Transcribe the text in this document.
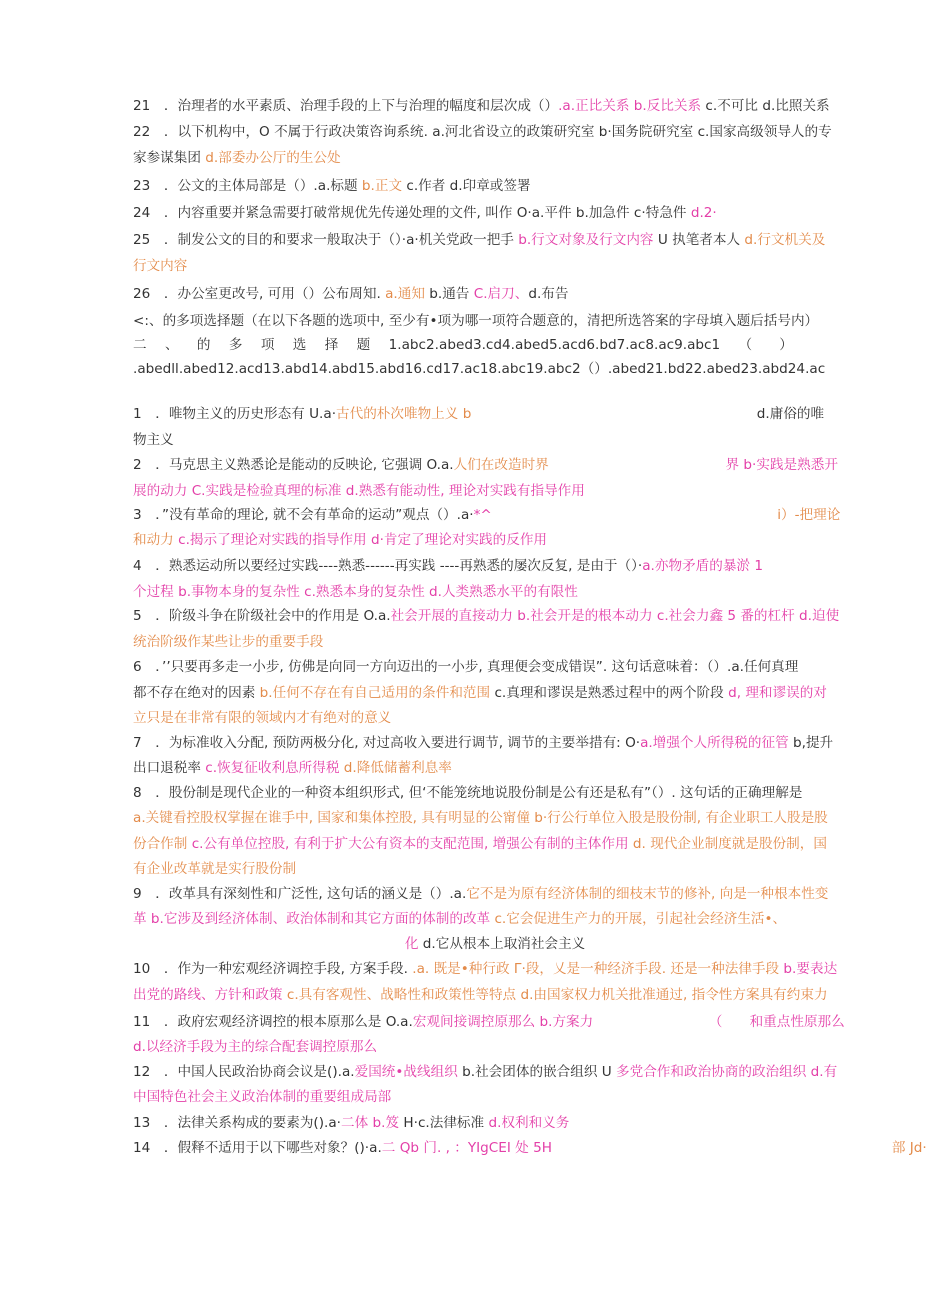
21　．治理者的水平素质、治理手段的上下与治理的幅度和层次成（）.a.正比关系 b.反比关系 c.不可比 d.比照关系
22　．以下机构中，O 不属于行政决策咨询系统. a.河北省设立的政策研究室 b·国务院研究室 c.国家高级领导人的专
家参谋集团 d.部委办公厅的生公处
23　．公文的主体局部是（）.a.标题 b.正文 c.作者 d.印章或签署
24　．内容重要并紧急需要打破常规优先传递处理的文件, 叫作 O·a.平件 b.加急件 c·特急件 d.2·
25　．制发公文的目的和要求一般取决于（）·a·机关党政一把手 b.行文对象及行文内容 U 执笔者本人 d.行文机关及
行文内容
26　．办公室更改号, 可用（）公布周知. a.通知 b.通告 C.启刀、d.布告
<:、的多项选择题（在以下各题的选项中, 至少有•项为哪一项符合题意的，清把所选答案的字母填入题后括号内）
二 、 的 多 项 选 择 题 1.abc2.abed3.cd4.abed5.acd6.bd7.ac8.ac9.abc1 （　　）
.abedll.abed12.acd13.abd14.abd15.abd16.cd17.ac18.abc19.abc2（）.abed21.bd22.abed23.abd24.ac
1　．唯物主义的历史形态有 U.a·古代的朴次唯物上义 b　　　　　　　　　　　　　　　　　　　　　d.庸俗的唯
物主义
2　．马克思主义熟悉论是能动的反映论, 它强调 O.a.人们在改造时界　　　　　　　　　　　　　界 b·实践是熟悉开
展的动力 C.实践是检验真理的标准 d.熟悉有能动性, 理论对实践有指导作用
3　．”没有革命的理论, 就不会有革命的运动”观点（）.a·*^　　　　　　　　　　　　　　　　　　　　　	i）-把理论
和动力 c.揭示了理论对实践的指导作用 d·肯定了理论对实践的反作用
4　．熟悉运动所以要经过实践----熟悉------再实践 ----再熟悉的屡次反复, 是由于（）·a.亦物矛盾的暴淤 1
个过程 b.事物本身的复杂性 c.熟悉本身的复杂性 d.人类熟悉水平的有限性
5　．阶级斗争在阶级社会中的作用是 O.a.社会开展的直接动力 b.社会开是的根本动力 c.社会力鑫 5 番的杠杆 d.迫使
统治阶级作某些让步的重要手段
6　．’’只要再多走一小步, 仿佛是向同一方向迈出的一小步, 真理便会变成错误”. 这句话意味着：（）.a.任何真理
都不存在绝对的因素 b.任何不存在有自己适用的条件和范围 c.真理和谬误是熟悉过程中的两个阶段 d, 理和谬误的对
立只是在非常有限的领域内才有绝对的意义
7　．为标准收入分配, 预防两极分化, 对过高收入要进行调节, 调节的主要举措有: O·a.增强个人所得税的征管 b,提升
出口退税率 c.恢复征收利息所得税 d.降低储蓄利息率
8　．股份制是现代企业的一种资本组织形式, 但‘不能笼统地说股份制是公有还是私有”（）. 这句话的正确理解是
a.关键看控股权掌握在谁手中, 国家和集体控股, 具有明显的公甯僮 b·行公行单位入股是股份制, 有企业职工人股是股
份合作制 c.公有单位控股, 有利于扩大公有资本的支配范围, 增强公有制的主体作用 d. 现代企业制度就是股份制，国
有企业改革就是实行股份制
9　．改革具有深刻性和广泛性, 这句话的涵义是（）.a.它不是为原有经济体制的细枝末节的修补, 向是一种根本性变
革 b.它涉及到经济体制、政治体制和其它方面的体制的改革 c.它会促进生产力的开展，引起社会经济生活•、
　　　　　　　　　　　　　　　　　　　　化 d.它从根本上取消社会主义
10　．作为一种宏观经济调控手段, 方案手段. .a. 既是•种行政 Γ·段，乂是一种经济手段. 还是一种法律手段 b.要表达
出党的路线、方针和政策 c.具有客观性、战略性和政策性等特点 d.由国家权力机关批准通过, 指令性方案具有约束力
11　．政府宏观经济调控的根本原那么是 O.a.宏观间接调控原那么 b.方案力　　　　　　　　　（　　和重点性原那么
d.以经济手段为主的综合配套调控原那么
12　．中国人民政治协商会议是().a.爱国统•战线组织 b.社会团体的嵌合组织 U 多党合作和政治协商的政治组织 d.有
中国特色社会主义政治体制的重要组成局部
13　．法律关系构成的要素为().a·二体 b.笈 H·c.法律标准 d.权利和义务
14　．假释不适用于以下哪些对象？()·a.二 Qb 门. , ：YIgCEI 处 5H　　　　　　　　　　　　　　　　　　　　　　　　　	部 Jd·
